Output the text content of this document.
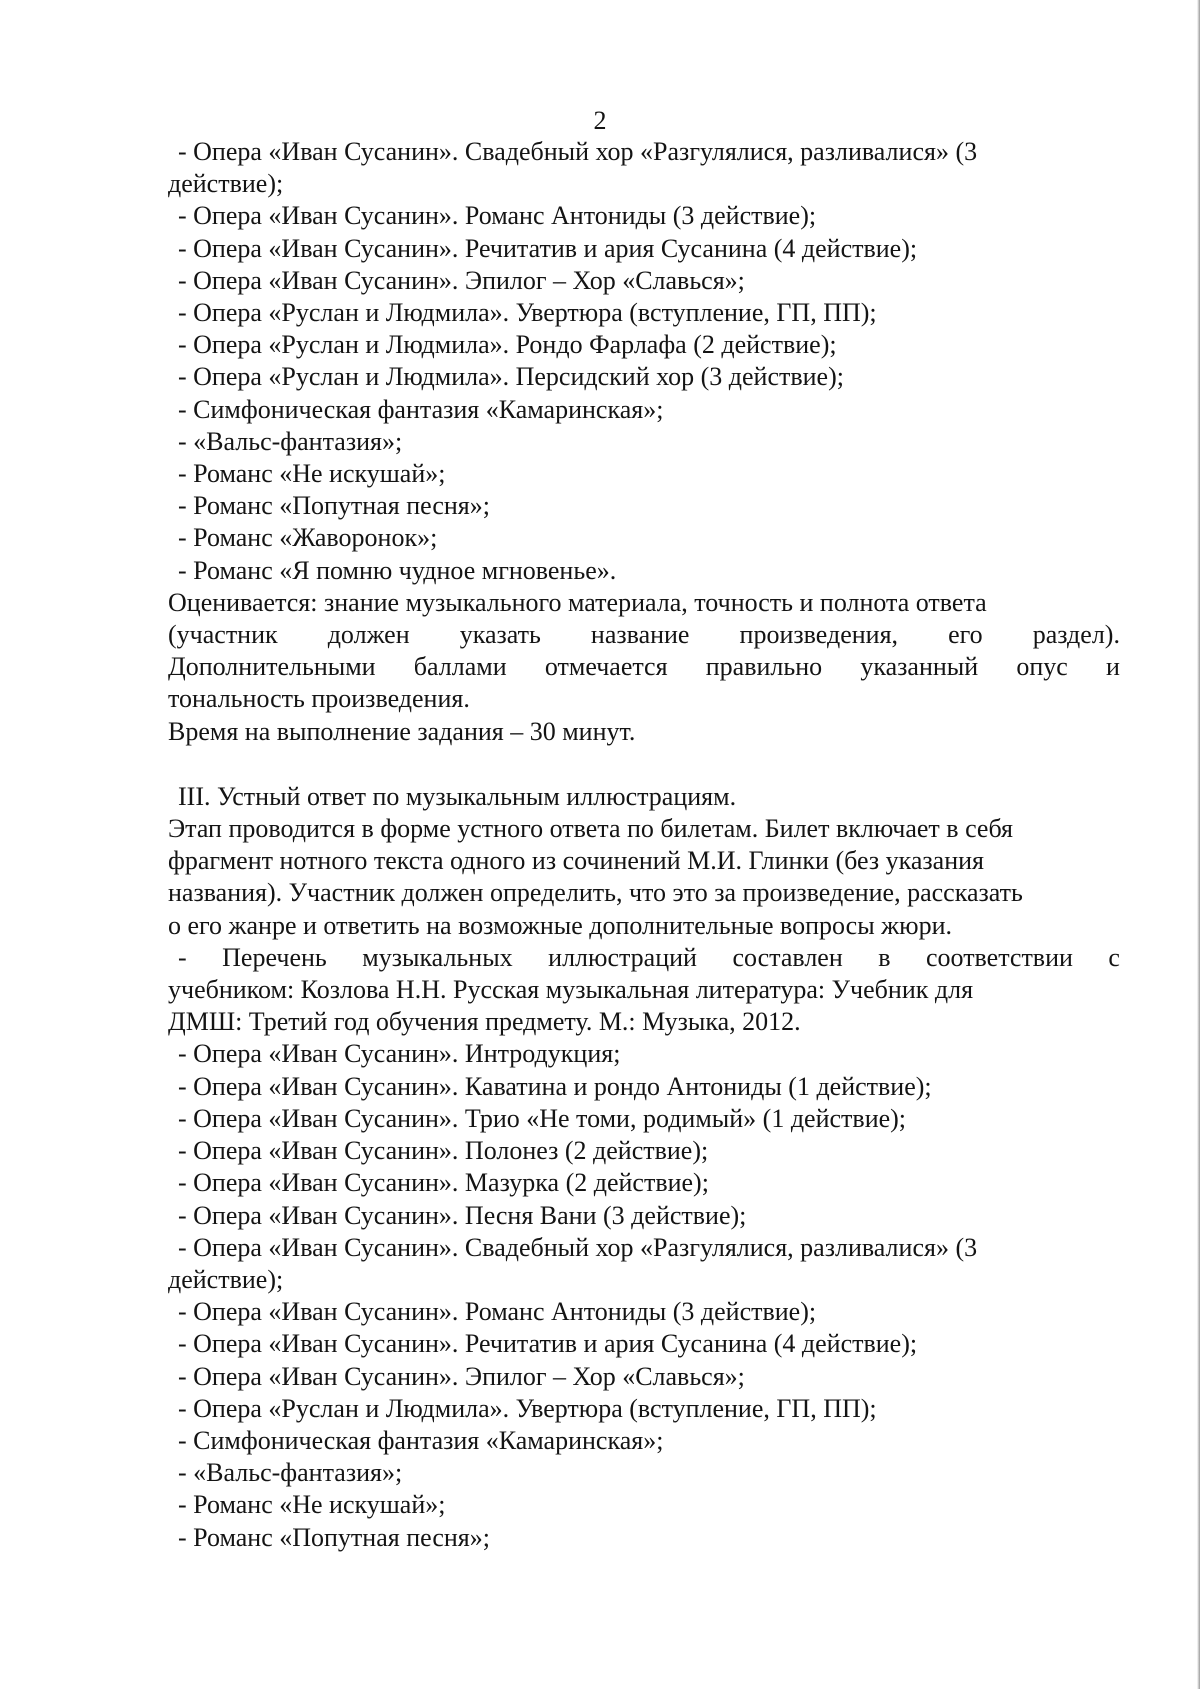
2
- Опера «Иван Сусанин». Свадебный хор «Разгулялися, разливалися» (3
действие);
- Опера «Иван Сусанин». Романс Антониды (3 действие);
- Опера «Иван Сусанин». Речитатив и ария Сусанина (4 действие);
- Опера «Иван Сусанин». Эпилог – Хор «Славься»;
- Опера «Руслан и Людмила». Увертюра (вступление, ГП, ПП);
- Опера «Руслан и Людмила». Рондо Фарлафа (2 действие);
- Опера «Руслан и Людмила». Персидский хор (3 действие);
- Симфоническая фантазия «Камаринская»;
- «Вальс-фантазия»;
- Романс «Не искушай»;
- Романс «Попутная песня»;
- Романс «Жаворонок»;
- Романс «Я помню чудное мгновенье».
Оценивается: знание музыкального материала, точность и полнота ответа
(участник должен указать название произведения, его раздел).
Дополнительными баллами отмечается правильно указанный опус и
тональность произведения.
Время на выполнение задания – 30 минут.
III. Устный ответ по музыкальным иллюстрациям.
Этап проводится в форме устного ответа по билетам. Билет включает в себя
фрагмент нотного текста одного из сочинений М.И. Глинки (без указания
названия). Участник должен определить, что это за произведение, рассказать
о его жанре и ответить на возможные дополнительные вопросы жюри.
- Перечень музыкальных иллюстраций составлен в соответствии с
учебником: Козлова Н.Н. Русская музыкальная литература: Учебник для
ДМШ: Третий год обучения предмету. М.: Музыка, 2012.
- Опера «Иван Сусанин». Интродукция;
- Опера «Иван Сусанин». Каватина и рондо Антониды (1 действие);
- Опера «Иван Сусанин». Трио «Не томи, родимый» (1 действие);
- Опера «Иван Сусанин». Полонез (2 действие);
- Опера «Иван Сусанин». Мазурка (2 действие);
- Опера «Иван Сусанин». Песня Вани (3 действие);
- Опера «Иван Сусанин». Свадебный хор «Разгулялися, разливалися» (3
действие);
- Опера «Иван Сусанин». Романс Антониды (3 действие);
- Опера «Иван Сусанин». Речитатив и ария Сусанина (4 действие);
- Опера «Иван Сусанин». Эпилог – Хор «Славься»;
- Опера «Руслан и Людмила». Увертюра (вступление, ГП, ПП);
- Симфоническая фантазия «Камаринская»;
- «Вальс-фантазия»;
- Романс «Не искушай»;
- Романс «Попутная песня»;
